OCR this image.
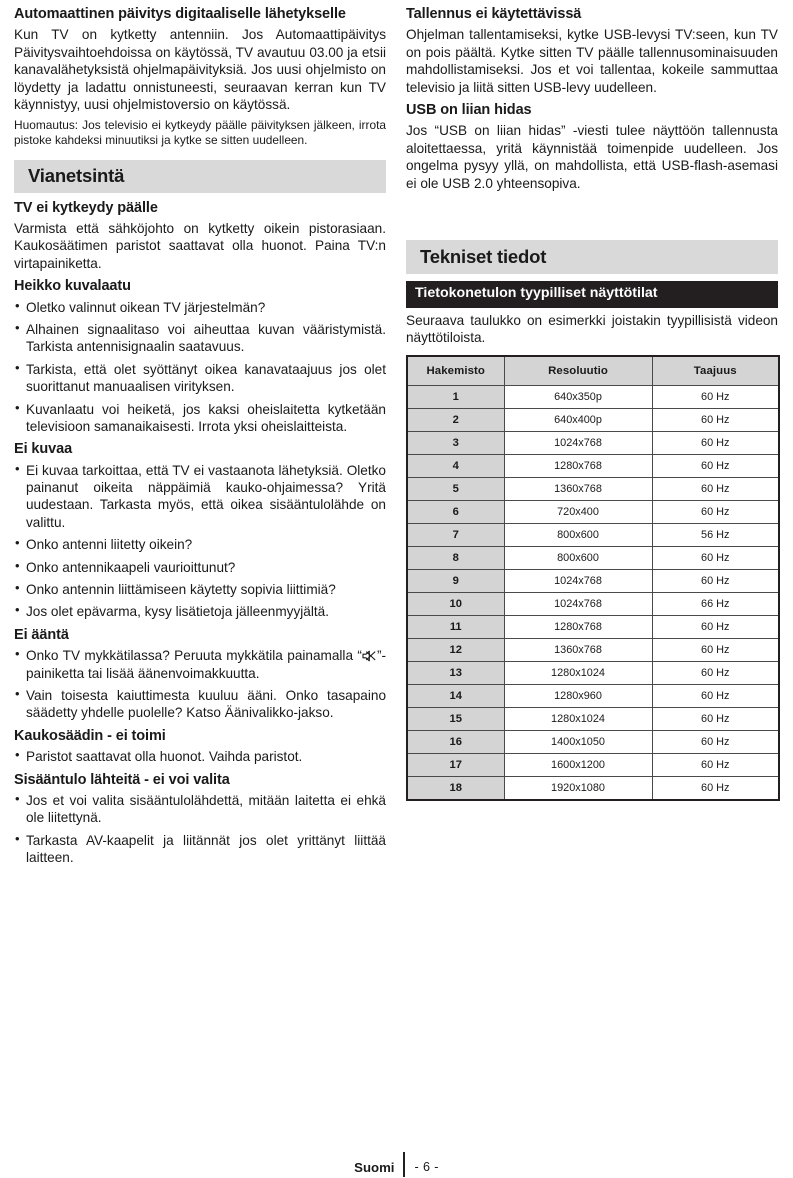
Automaattinen päivitys digitaaliselle lähetykselle

Kun TV on kytketty antenniin. Jos Automaattipäivitys Päivitysvaihtoehdoissa on käytössä, TV avautuu 03.00 ja etsii kanavalähetyksistä ohjelmapäivityksiä. Jos uusi ohjelmisto on löydetty ja ladattu onnistuneesti, seuraavan kerran kun TV käynnistyy, uusi ohjelmistoversio on käytössä.

Huomautus: Jos televisio ei kytkeydy päälle päivityksen jälkeen, irrota pistoke kahdeksi minuutiksi ja kytke se sitten uudelleen.

Vianetsintä
TV ei kytkeydy päälle

Varmista että sähköjohto on kytketty oikein pistorasiaan. Kaukosäätimen paristot saattavat olla huonot. Paina TV:n virtapainiketta.

Heikko kuvalaatu
• Oletko valinnut oikean TV järjestelmän?
• Alhainen signaalitaso voi aiheuttaa kuvan vääristymistä. Tarkista antennisignaalin saatavuus.
• Tarkista, että olet syöttänyt oikea kanavataajuus jos olet suorittanut manuaalisen virityksen.
• Kuvanlaatu voi heiketä, jos kaksi oheislaitetta kytketään televisioon samanaikaisesti. Irrota yksi oheislaitteista.
Ei kuvaa
• Ei kuvaa tarkoittaa, että TV ei vastaanota lähetyksiä. Oletko painanut oikeita näppäimiä kauko-ohjaimessa? Yritä uudestaan. Tarkasta myös, että oikea sisääntulolähde on valittu.
• Onko antenni liitetty oikein?
• Onko antennikaapeli vaurioittunut?
• Onko antennin liittämiseen käytetty sopivia liittimiä?
• Jos olet epävarma, kysy lisätietoja jälleenmyyjältä.
Ei ääntä
• Onko TV mykkätilassa? Peruuta mykkätila painamalla “ ”-painiketta tai lisää äänenvoimakkuutta.
• Vain toisesta kaiuttimesta kuuluu ääni. Onko tasapaino säädetty yhdelle puolelle? Katso Äänivalikko-jakso.
Kaukosäädin - ei toimi
• Paristot saattavat olla huonot. Vaihda paristot.
Sisääntulo lähteitä - ei voi valita
• Jos et voi valita sisääntulolähdettä, mitään laitetta ei ehkä ole liitettynä.
• Tarkasta AV-kaapelit ja liitännät jos olet yrittänyt liittää laitteen.
Tallennus ei käytettävissä

Ohjelman tallentamiseksi, kytke USB-levysi TV:seen, kun TV on pois päältä. Kytke sitten TV päälle tallennusominaisuuden mahdollistamiseksi. Jos et voi tallentaa, kokeile sammuttaa televisio ja liitä sitten USB-levy uudelleen.

USB on liian hidas

Jos “USB on liian hidas” -viesti tulee näyttöön tallennusta aloitettaessa, yritä käynnistää toimenpide uudelleen. Jos ongelma pysyy yllä, on mahdollista, että USB-flash-asemasi ei ole USB 2.0 yhteensopiva.

Tekniset tiedot
Tietokonetulon tyypilliset näyttötilat

Seuraava taulukko on esimerkki joistakin tyypillisistä videon näyttötiloista.

Hakemisto	Resoluutio	Taajuus
1	640x350p	60 Hz
2	640x400p	60 Hz
3	1024x768	60 Hz
4	1280x768	60 Hz
5	1360x768	60 Hz
6	720x400	60 Hz
7	800x600	56 Hz
8	800x600	60 Hz
9	1024x768	60 Hz
10	1024x768	66 Hz
11	1280x768	60 Hz
12	1360x768	60 Hz
13	1280x1024	60 Hz
14	1280x960	60 Hz
15	1280x1024	60 Hz
16	1400x1050	60 Hz
17	1600x1200	60 Hz
18	1920x1080	60 Hz
Suomi - 6 -
